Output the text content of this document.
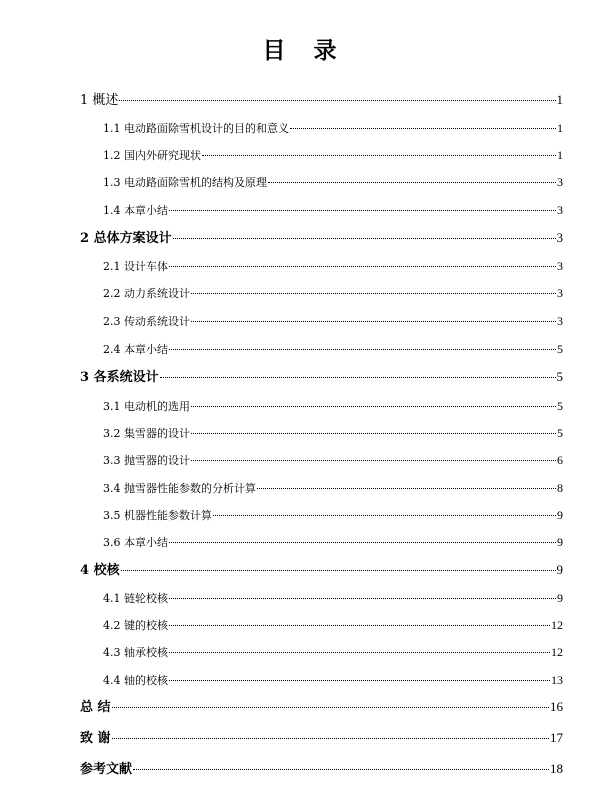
目 录
1 概述	1
1.1 电动路面除雪机设计的目的和意义	1
1.2 国内外研究现状	1
1.3 电动路面除雪机的结构及原理	3
1.4 本章小结	3
2 总体方案设计	3
2.1 设计车体	3
2.2 动力系统设计	3
2.3 传动系统设计	3
2.4 本章小结	5
3 各系统设计	5
3.1 电动机的选用	5
3.2 集雪器的设计	5
3.3 抛雪器的设计	6
3.4 抛雪器性能参数的分析计算	8
3.5 机器性能参数计算	9
3.6 本章小结	9
4 校核	9
4.1 链轮校核	9
4.2 键的校核	12
4.3 轴承校核	12
4.4 轴的校核	13
总 结	16
致 谢	17
参考文献	18
